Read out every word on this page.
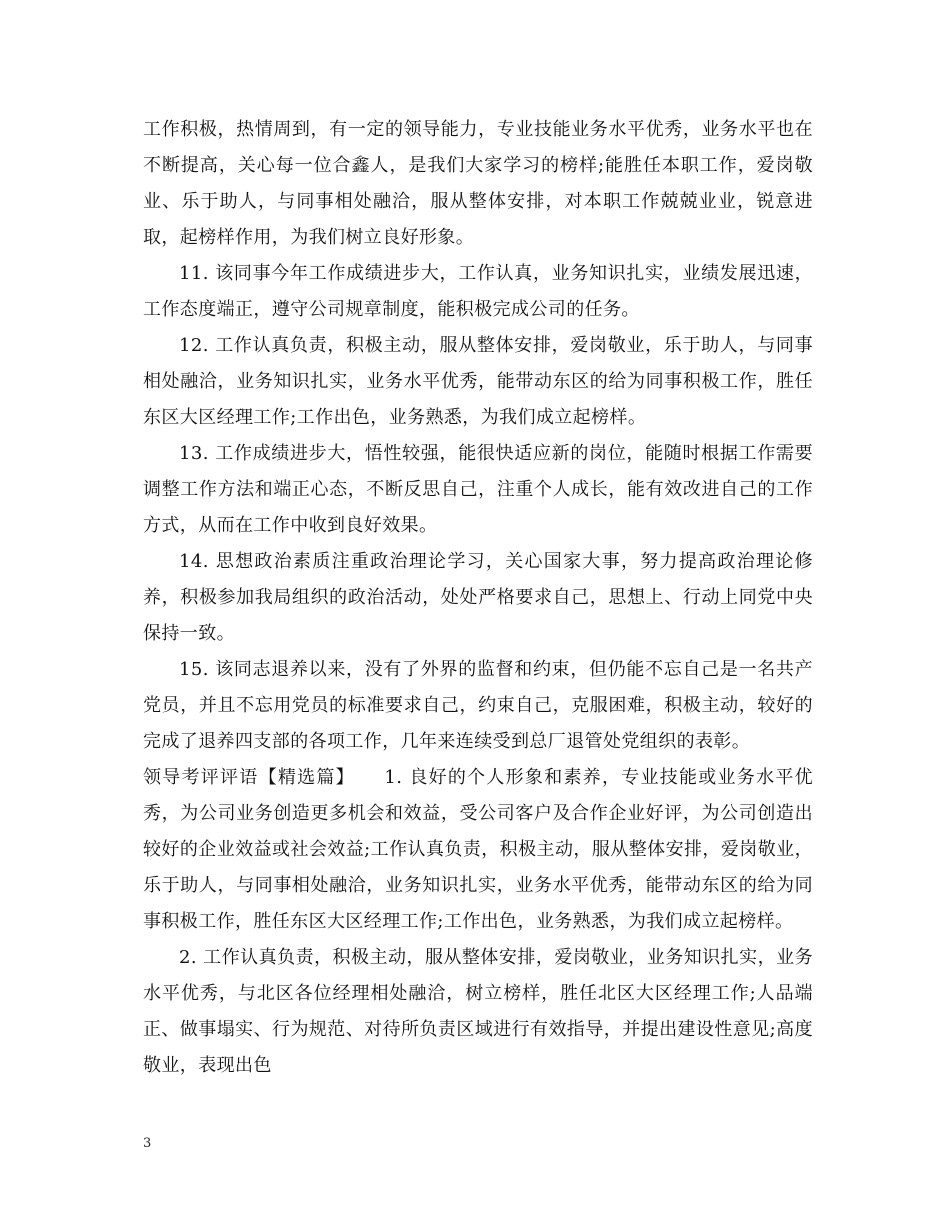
工作积极，热情周到，有一定的领导能力，专业技能业务水平优秀，业务水平也在不断提高，关心每一位合鑫人，是我们大家学习的榜样;能胜任本职工作，爱岗敬业、乐于助人，与同事相处融洽，服从整体安排，对本职工作兢兢业业，锐意进取，起榜样作用，为我们树立良好形象。

11. 该同事今年工作成绩进步大，工作认真，业务知识扎实，业绩发展迅速，工作态度端正，遵守公司规章制度，能积极完成公司的任务。

12. 工作认真负责，积极主动，服从整体安排，爱岗敬业，乐于助人，与同事相处融洽，业务知识扎实，业务水平优秀，能带动东区的给为同事积极工作，胜任东区大区经理工作;工作出色，业务熟悉，为我们成立起榜样。

13. 工作成绩进步大，悟性较强，能很快适应新的岗位，能随时根据工作需要调整工作方法和端正心态，不断反思自己，注重个人成长，能有效改进自己的工作方式，从而在工作中收到良好效果。

14. 思想政治素质注重政治理论学习，关心国家大事，努力提高政治理论修养，积极参加我局组织的政治活动，处处严格要求自己，思想上、行动上同党中央保持一致。

15. 该同志退养以来，没有了外界的监督和约束，但仍能不忘自己是一名共产党员，并且不忘用党员的标准要求自己，约束自己，克服困难，积极主动，较好的完成了退养四支部的各项工作，几年来连续受到总厂退管处党组织的表彰。

领导考评评语【精选篇】　　1. 良好的个人形象和素养，专业技能或业务水平优秀，为公司业务创造更多机会和效益，受公司客户及合作企业好评，为公司创造出较好的企业效益或社会效益;工作认真负责，积极主动，服从整体安排，爱岗敬业，乐于助人，与同事相处融洽，业务知识扎实，业务水平优秀，能带动东区的给为同事积极工作，胜任东区大区经理工作;工作出色，业务熟悉，为我们成立起榜样。

2. 工作认真负责，积极主动，服从整体安排，爱岗敬业，业务知识扎实，业务水平优秀，与北区各位经理相处融洽，树立榜样，胜任北区大区经理工作;人品端正、做事塌实、行为规范、对待所负责区域进行有效指导，并提出建设性意见;高度敬业，表现出色

3
